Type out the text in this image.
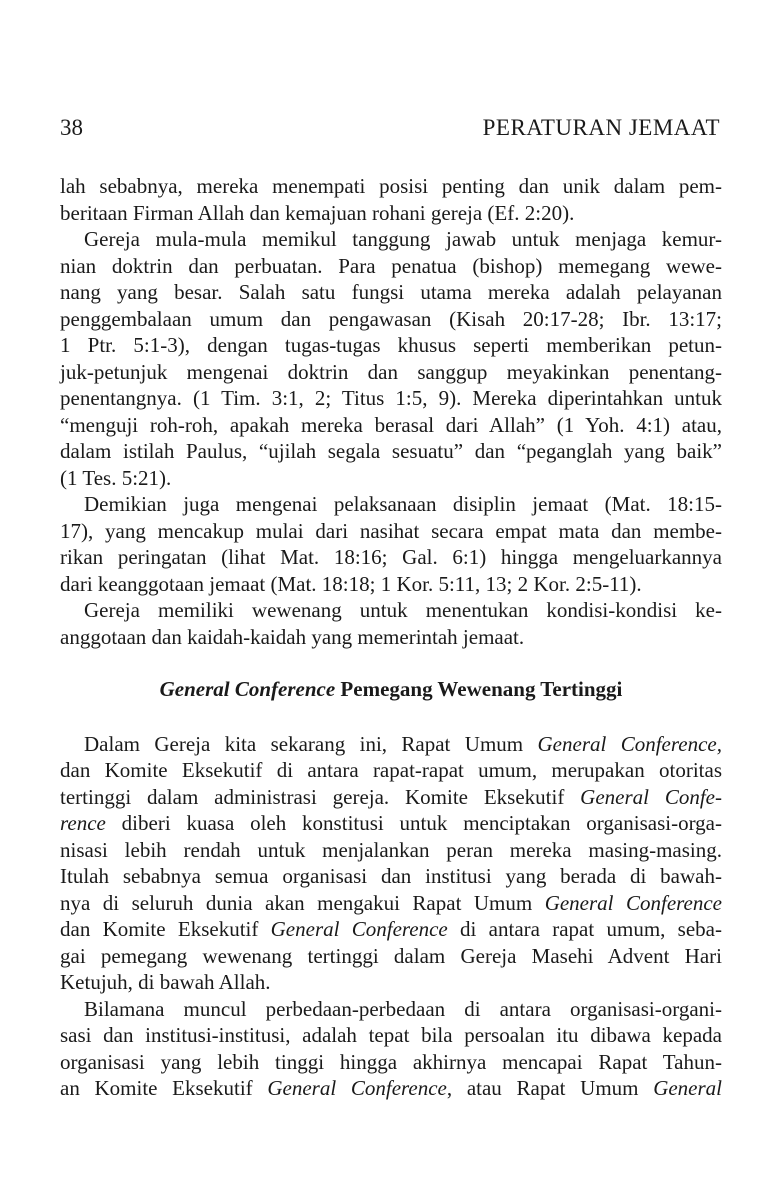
38	PERATURAN JEMAAT
lah sebabnya, mereka menempati posisi penting dan unik dalam pem-
beritaan Firman Allah dan kemajuan rohani gereja (Ef. 2:20).
Gereja mula-mula memikul tanggung jawab untuk menjaga kemur-
nian doktrin dan perbuatan. Para penatua (bishop) memegang wewe-
nang yang besar. Salah satu fungsi utama mereka adalah pelayanan
penggembalaan umum dan pengawasan (Kisah 20:17-28; Ibr. 13:17;
1 Ptr. 5:1-3), dengan tugas-tugas khusus seperti memberikan petun-
juk-petunjuk mengenai doktrin dan sanggup meyakinkan penentang-
penentangnya. (1 Tim. 3:1, 2; Titus 1:5, 9). Mereka diperintahkan untuk
“menguji roh-roh, apakah mereka berasal dari Allah” (1 Yoh. 4:1) atau,
dalam istilah Paulus, “ujilah segala sesuatu” dan “peganglah yang baik”
(1 Tes. 5:21).
Demikian juga mengenai pelaksanaan disiplin jemaat (Mat. 18:15-
17), yang mencakup mulai dari nasihat secara empat mata dan membe-
rikan peringatan (lihat Mat. 18:16; Gal. 6:1) hingga mengeluarkannya
dari keanggotaan jemaat (Mat. 18:18; 1 Kor. 5:11, 13; 2 Kor. 2:5-11).
Gereja memiliki wewenang untuk menentukan kondisi-kondisi ke-
anggotaan dan kaidah-kaidah yang memerintah jemaat.
General Conference Pemegang Wewenang Tertinggi
Dalam Gereja kita sekarang ini, Rapat Umum General Conference,
dan Komite Eksekutif di antara rapat-rapat umum, merupakan otoritas
tertinggi dalam administrasi gereja. Komite Eksekutif General Confe-
rence diberi kuasa oleh konstitusi untuk menciptakan organisasi-orga-
nisasi lebih rendah untuk menjalankan peran mereka masing-masing.
Itulah sebabnya semua organisasi dan institusi yang berada di bawah-
nya di seluruh dunia akan mengakui Rapat Umum General Conference
dan Komite Eksekutif General Conference di antara rapat umum, seba-
gai pemegang wewenang tertinggi dalam Gereja Masehi Advent Hari
Ketujuh, di bawah Allah.
Bilamana muncul perbedaan-perbedaan di antara organisasi-organi-
sasi dan institusi-institusi, adalah tepat bila persoalan itu dibawa kepada
organisasi yang lebih tinggi hingga akhirnya mencapai Rapat Tahun-
an Komite Eksekutif General Conference, atau Rapat Umum General
